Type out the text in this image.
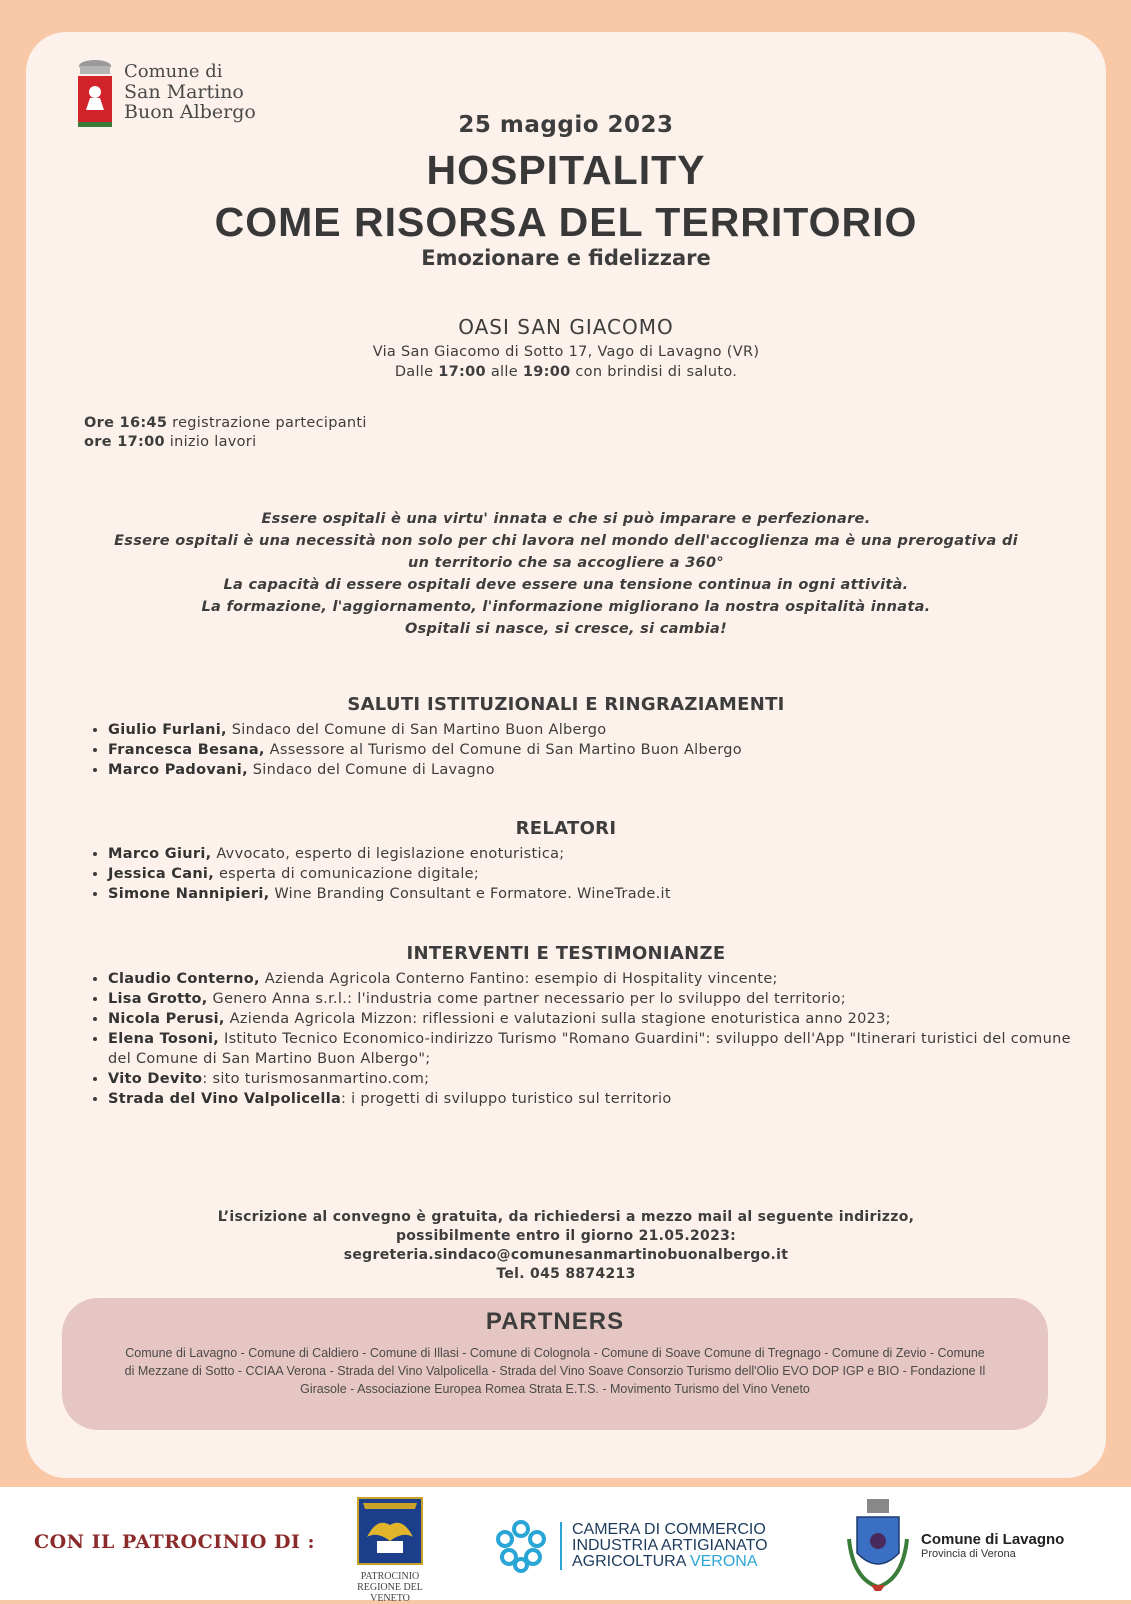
Comune di
San Martino
Buon Albergo	25 maggio 2023
HOSPITALITY
COME RISORSA DEL TERRITORIO
Emozionare e fidelizzare
OASI SAN GIACOMO
Via San Giacomo di Sotto 17, Vago di Lavagno (VR)
Dalle 17:00 alle 19:00 con brindisi di saluto.
Ore 16:45 registrazione partecipanti
ore 17:00 inizio lavori
Essere ospitali è una virtu' innata e che si può imparare e perfezionare.
Essere ospitali è una necessità non solo per chi lavora nel mondo dell'accoglienza ma è una prerogativa di un territorio che sa accogliere a 360°
La capacità di essere ospitali deve essere una tensione continua in ogni attività.
La formazione, l'aggiornamento, l'informazione migliorano la nostra ospitalità innata.
Ospitali si nasce, si cresce, si cambia!
SALUTI ISTITUZIONALI E RINGRAZIAMENTI
• Giulio Furlani, Sindaco del Comune di San Martino Buon Albergo
• Francesca Besana, Assessore al Turismo del Comune di San Martino Buon Albergo
• Marco Padovani, Sindaco del Comune di Lavagno
RELATORI
• Marco Giuri, Avvocato, esperto di legislazione enoturistica;
• Jessica Cani, esperta di comunicazione digitale;
• Simone Nannipieri, Wine Branding Consultant e Formatore. WineTrade.it
INTERVENTI E TESTIMONIANZE
• Claudio Conterno, Azienda Agricola Conterno Fantino: esempio di Hospitality vincente;
• Lisa Grotto, Genero Anna s.r.l.: l'industria come partner necessario per lo sviluppo del territorio;
• Nicola Perusi, Azienda Agricola Mizzon: riflessioni e valutazioni sulla stagione enoturistica anno 2023;
• Elena Tosoni, Istituto Tecnico Economico-indirizzo Turismo "Romano Guardini": sviluppo dell'App "Itinerari turistici del comune del Comune di San Martino Buon Albergo";
• Vito Devito: sito turismosanmartino.com;
• Strada del Vino Valpolicella: i progetti di sviluppo turistico sul territorio
L’iscrizione al convegno è gratuita, da richiedersi a mezzo mail al seguente indirizzo,
possibilmente entro il giorno 21.05.2023:
segreteria.sindaco@comunesanmartinobuonalbergo.it
Tel. 045 8874213
PARTNERS

Comune di Lavagno - Comune di Caldiero - Comune di Illasi - Comune di Colognola - Comune di Soave Comune di Tregnago - Comune di Zevio - Comune di Mezzane di Sotto - CCIAA Verona - Strada del Vino Valpolicella - Strada del Vino Soave Consorzio Turismo dell'Olio EVO DOP IGP e BIO - Fondazione Il Girasole - Associazione Europea Romea Strata E.T.S. - Movimento Turismo del Vino Veneto

CON IL PATROCINIO DI :
PATROCINIO
REGIONE DEL VENETO
CAMERA DI COMMERCIO
INDUSTRIA ARTIGIANATO
AGRICOLTURA VERONA
Comune di Lavagno
Provincia di Verona
